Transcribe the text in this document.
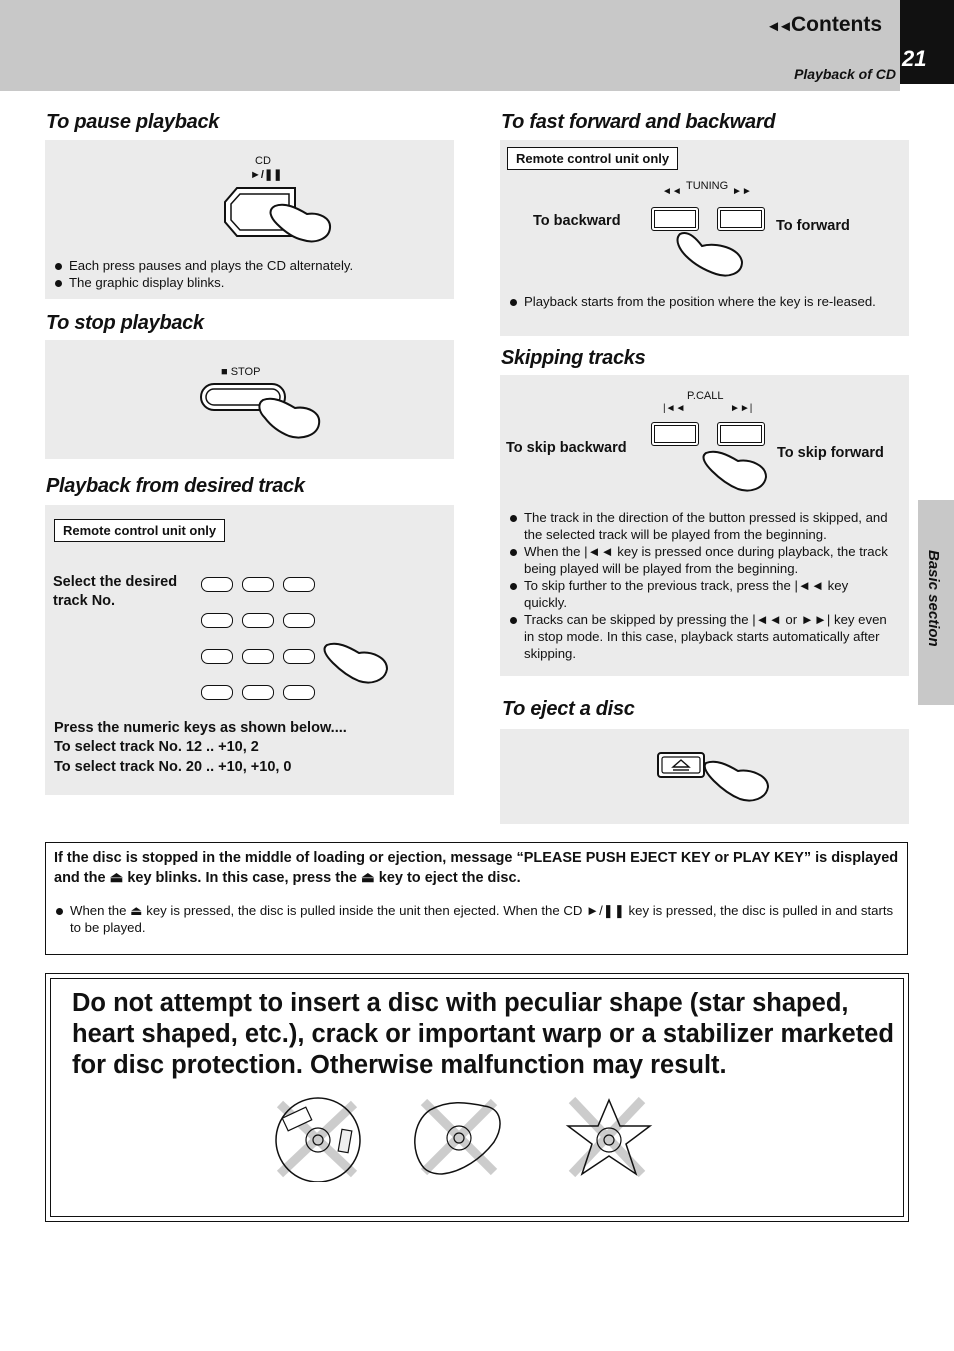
21
◄◄ Contents
Playback of CD
Basic section
To pause playback
CD
►/❚❚
Each press pauses and plays the CD alternately.
The graphic display blinks.
To stop playback
■ STOP
Playback from desired track
Remote control unit only
Select the desired
track No.
Press the numeric keys as shown below....
To select track No. 12 .. +10, 2
To select track No. 20 .. +10, +10, 0
To fast forward and backward
Remote control unit only
TUNING
◄◄	►►
To backward	To forward
Playback starts from the position where the key is re-leased.
Skipping tracks
P.CALL
|◄◄	►►|
To skip backward	To skip forward
The track in the direction of the button pressed is skipped, and the selected track will be played from the beginning.
When the |◄◄ key is pressed once during playback, the track being played will be played from the beginning.
To skip further to the previous track, press the |◄◄ key quickly.
Tracks can be skipped by pressing the |◄◄ or ►►| key even in stop mode. In this case, playback starts automatically after skipping.
To eject a disc
If the disc is stopped in the middle of loading or ejection, message “PLEASE PUSH EJECT KEY or PLAY KEY” is displayed and the ⏏ key blinks. In this case, press the ⏏ key to eject the disc.
When the ⏏ key is pressed, the disc is pulled inside the unit then ejected. When the CD ►/❚❚ key is pressed, the disc is pulled in and starts to be played.
Do not attempt to insert a disc with peculiar shape (star shaped, heart shaped, etc.), crack or important warp or a stabilizer marketed for disc protection. Otherwise malfunction may result.
